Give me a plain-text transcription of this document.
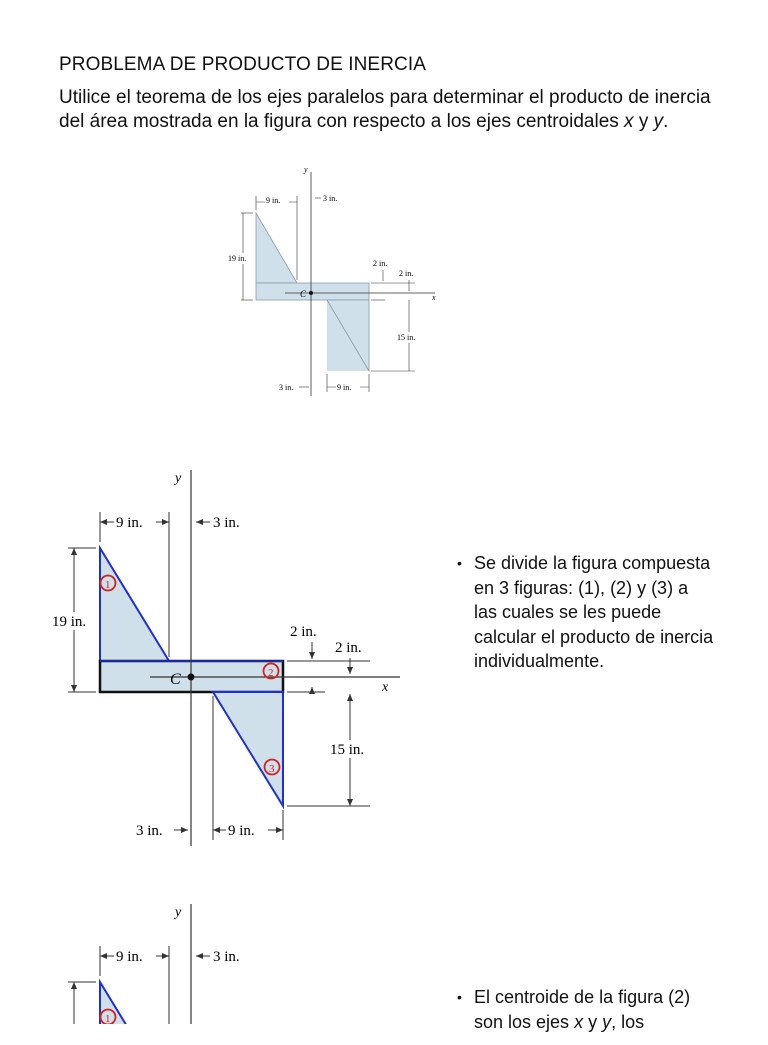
PROBLEMA DE PRODUCTO DE INERCIA

Utilice el teorema de los ejes paralelos para determinar el producto de inercia del área mostrada en la figura con respecto a los ejes centroidales x y y.

C	x
y
9 in.	3 in.
19 in.
2 in.
2 in.
15 in.
3 in.	9 in.
C	x
y
9 in.	3 in.
19 in.
2 in.
2 in.
15 in.
3 in.	9 in.
1
2
3
• Se divide la figura compuesta en 3 figuras: (1), (2) y (3) a las cuales se les puede calcular el producto de inercia individualmente.

y
9 in.	3 in.
1
• El centroide de la figura (2) son los ejes x y y, los
